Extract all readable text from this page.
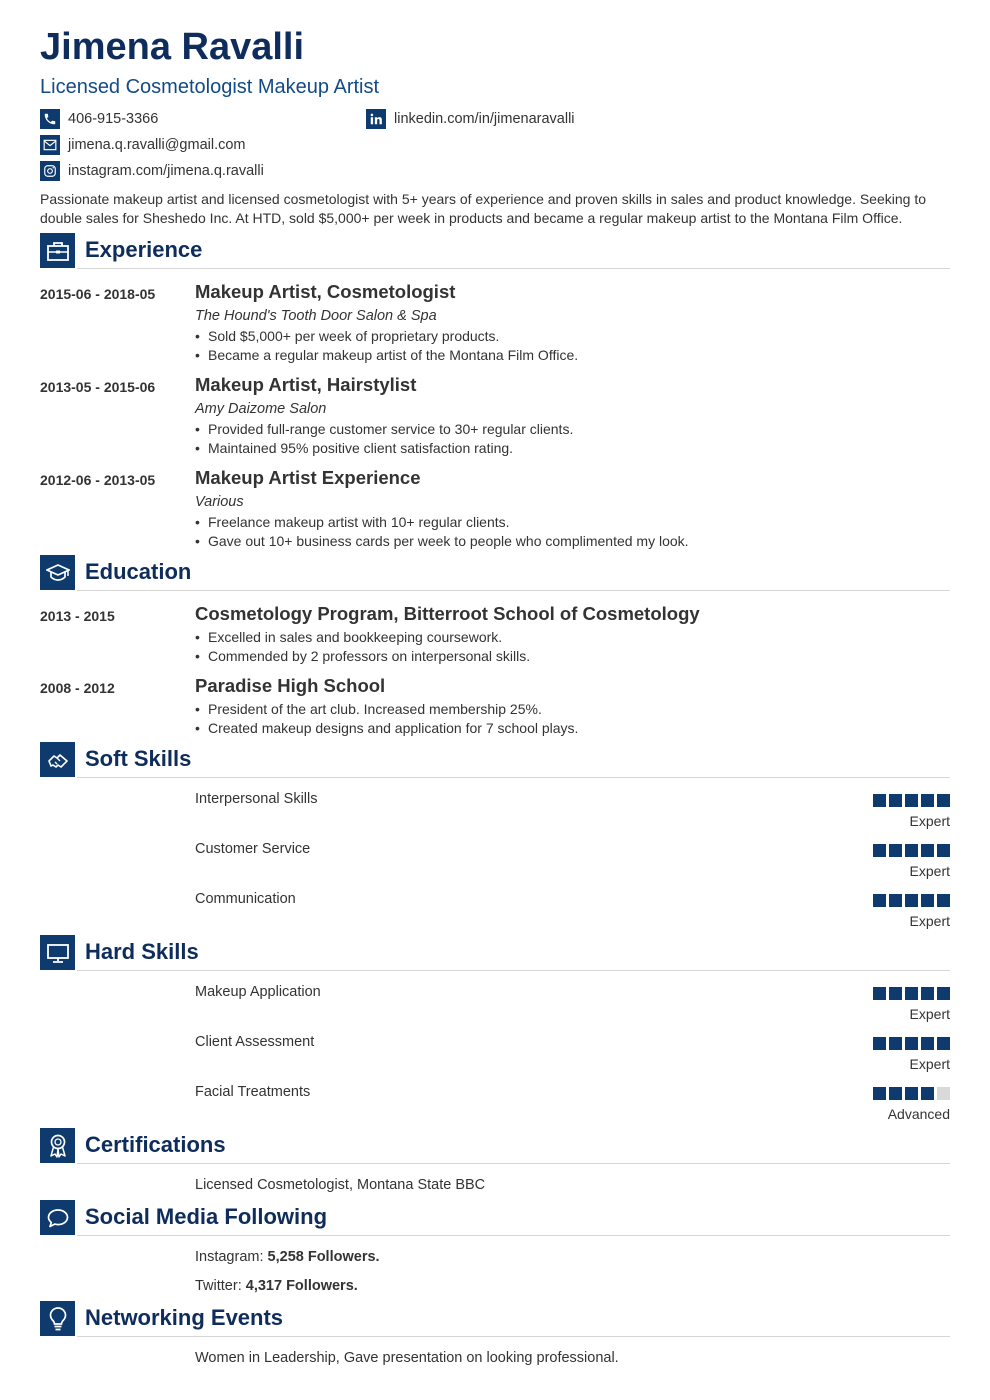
Jimena Ravalli
Licensed Cosmetologist Makeup Artist
406-915-3366
jimena.q.ravalli@gmail.com
instagram.com/jimena.q.ravalli
linkedin.com/in/jimenaravalli
Passionate makeup artist and licensed cosmetologist with 5+ years of experience and proven skills in sales and product knowledge. Seeking to double sales for Sheshedo Inc. At HTD, sold $5,000+ per week in products and became a regular makeup artist to the Montana Film Office.
Experience
2015-06 - 2018-05 Makeup Artist, Cosmetologist
The Hound's Tooth Door Salon & Spa
• Sold $5,000+ per week of proprietary products.
• Became a regular makeup artist of the Montana Film Office.
2013-05 - 2015-06 Makeup Artist, Hairstylist
Amy Daizome Salon
• Provided full-range customer service to 30+ regular clients.
• Maintained 95% positive client satisfaction rating.
2012-06 - 2013-05 Makeup Artist Experience
Various
• Freelance makeup artist with 10+ regular clients.
• Gave out 10+ business cards per week to people who complimented my look.
Education
2013 - 2015	Cosmetology Program, Bitterroot School of Cosmetology
• Excelled in sales and bookkeeping coursework.
• Commended by 2 professors on interpersonal skills.
2008 - 2012	Paradise High School
• President of the art club. Increased membership 25%.
• Created makeup designs and application for 7 school plays.
Soft Skills
Interpersonal Skills
Expert
Customer Service
Expert
Communication
Expert
Hard Skills
Makeup Application
Expert
Client Assessment
Expert
Facial Treatments
Advanced
Certifications
Licensed Cosmetologist, Montana State BBC
Social Media Following
Instagram: 5,258 Followers.
Twitter: 4,317 Followers.
Networking Events
Women in Leadership, Gave presentation on looking professional.
